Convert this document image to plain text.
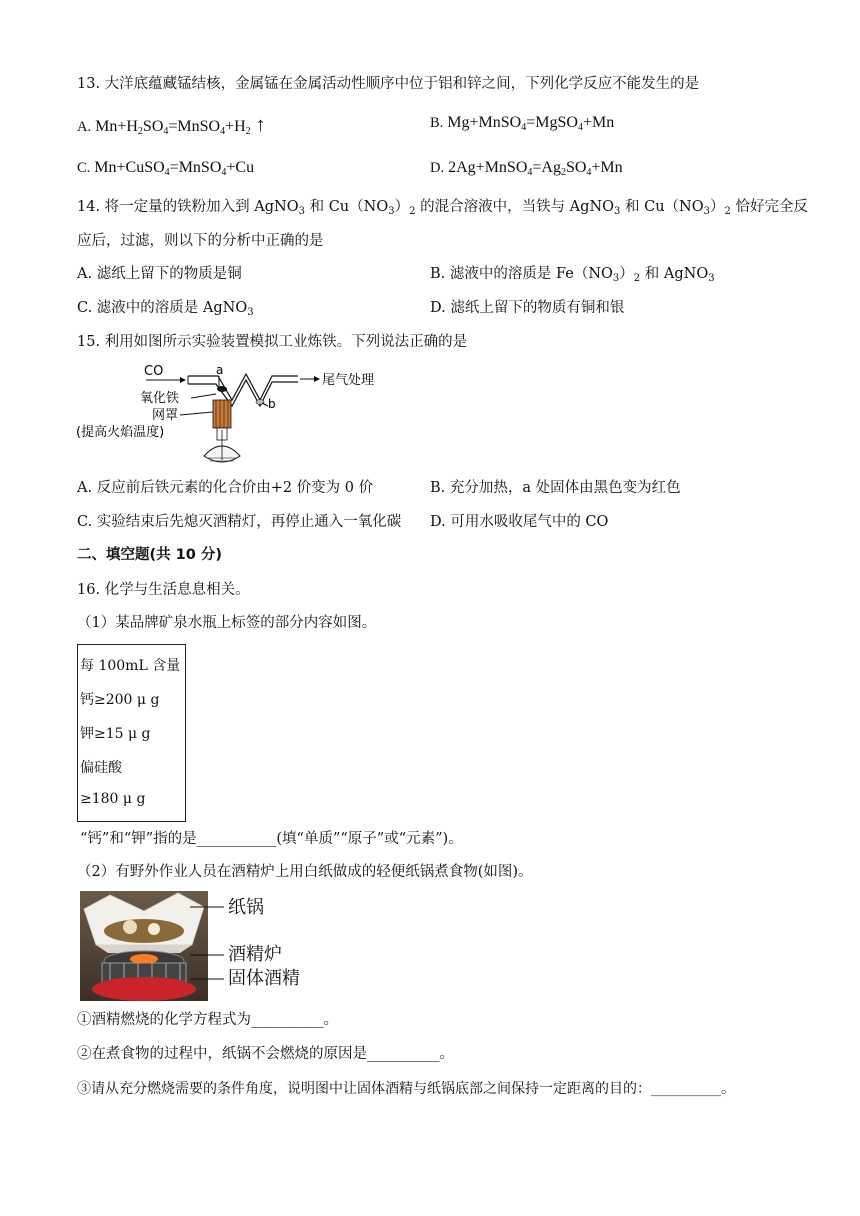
13. 大洋底蕴藏锰结核，金属锰在金属活动性顺序中位于铝和锌之间，下列化学反应不能发生的是
A. $Mn+H_2SO_4=MnSO_4+H_2$ ↑	B. Mg+MnSO$_4$=MgSO$_4$+Mn
C. Mn+CuSO$_4$=MnSO$_4$+Cu	D. $2Ag+MnSO_4=Ag_2SO_4+Mn$
14. 将一定量的铁粉加入到 AgNO$_3$ 和 $Cu(NO_3)_2$ 的混合溶液中，当铁与 AgNO$_3$ 和 $Cu(NO_3)_2$ 恰好完全反
应后，过滤，则以下的分析中正确的是
A. 滤纸上留下的物质是铜	B. 滤液中的溶质是 $Fe(NO_3)_2$ 和 AgNO$_3$
C. 滤液中的溶质是 AgNO$_3$	D. 滤纸上留下的物质有铜和银
15. 利用如图所示实验装置模拟工业炼铁。下列说法正确的是
CO
尾气处理
a
b
氧化铁
网罩
(提高火焰温度)
A. 反应前后铁元素的化合价由+2 价变为 0 价	B. 充分加热，a 处固体由黑色变为红色
C. 实验结束后先熄灭酒精灯，再停止通入一氧化碳 D. 可用水吸收尾气中的 CO
二、填空题(共 10 分)
16. 化学与生活息息相关。
（1）某品牌矿泉水瓶上标签的部分内容如图。
每 100mL 含量
钙≥200 μ g
钾≥15 μ g
偏硅酸
≥180 μ g
“钙”和“钾”指的是___________(填“单质”“原子”或“元素”)。
（2）有野外作业人员在酒精炉上用白纸做成的轻便纸锅煮食物(如图)。
纸锅
酒精炉
固体酒精
①酒精燃烧的化学方程式为__________。
②在煮食物的过程中，纸锅不会燃烧的原因是__________。
③请从充分燃烧需要的条件角度，说明图中让固体酒精与纸锅底部之间保持一定距离的目的：__________。
